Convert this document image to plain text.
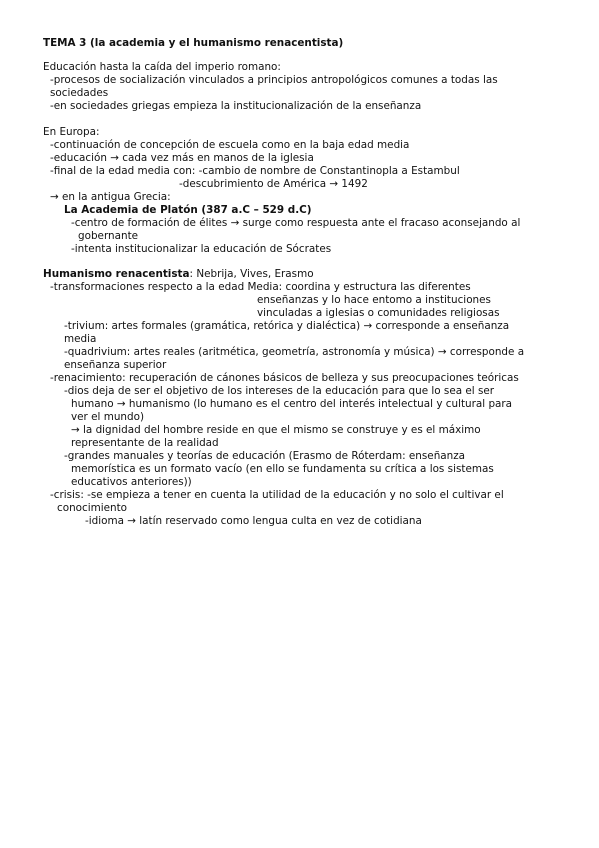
TEMA 3 (la academia y el humanismo renacentista)
Educación hasta la caída del imperio romano:
-procesos de socialización vinculados a principios antropológicos comunes a todas las
sociedades
-en sociedades griegas empieza la institucionalización de la enseñanza
En Europa:
-continuación de concepción de escuela como en la baja edad media
-educación → cada vez más en manos de la iglesia
-final de la edad media con: -cambio de nombre de Constantinopla a Estambul
-descubrimiento de América → 1492
→ en la antigua Grecia:
La Academia de Platón (387 a.C – 529 d.C)
-centro de formación de élites → surge como respuesta ante el fracaso aconsejando al
gobernante
-intenta institucionalizar la educación de Sócrates
Humanismo renacentista: Nebrija, Vives, Erasmo
-transformaciones respecto a la edad Media: coordina y estructura las diferentes
enseñanzas y lo hace entomo a instituciones
vinculadas a iglesias o comunidades religiosas
-trivium: artes formales (gramática, retórica y dialéctica) → corresponde a enseñanza
media
-quadrivium: artes reales (aritmética, geometría, astronomía y música) → corresponde a
enseñanza superior
-renacimiento: recuperación de cánones básicos de belleza y sus preocupaciones teóricas
-dios deja de ser el objetivo de los intereses de la educación para que lo sea el ser
humano → humanismo (lo humano es el centro del interés intelectual y cultural para
ver el mundo)
→ la dignidad del hombre reside en que el mismo se construye y es el máximo
representante de la realidad
-grandes manuales y teorías de educación (Erasmo de Róterdam: enseñanza
memorística es un formato vacío (en ello se fundamenta su crítica a los sistemas
educativos anteriores))
-crisis: -se empieza a tener en cuenta la utilidad de la educación y no solo el cultivar el
conocimiento
-idioma → latín reservado como lengua culta en vez de cotidiana
